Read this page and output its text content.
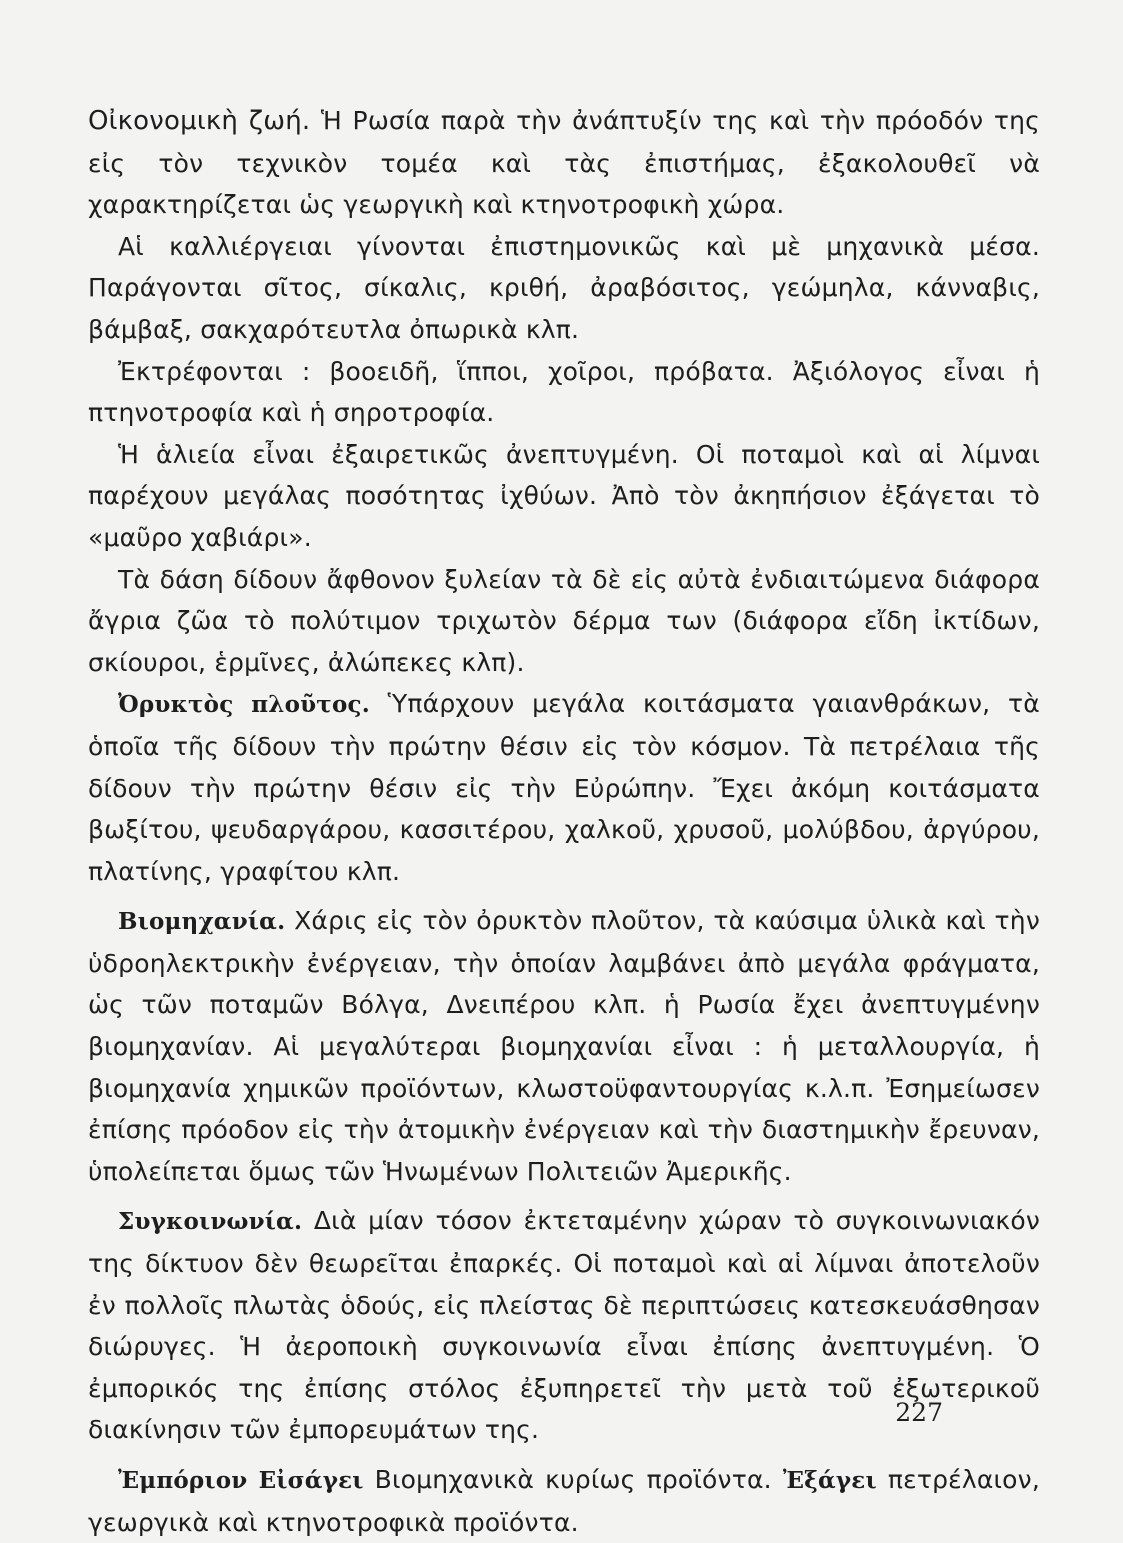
Οἰκονομικὴ ζωή. Ἡ Ρωσία παρὰ τὴν ἀνάπτυξίν της καὶ τὴν πρόοδόν της εἰς τὸν τεχνικὸν τομέα καὶ τὰς ἐπιστήμας, ἐξακολουθεῖ νὰ χαρακτηρίζεται ὡς γεωργικὴ καὶ κτηνοτροφικὴ χώρα.

Αἱ καλλιέργειαι γίνονται ἐπιστημονικῶς καὶ μὲ μηχανικὰ μέσα. Παράγονται σῖτος, σίκαλις, κριθή, ἀραβόσιτος, γεώμηλα, κάνναβις, βάμβαξ, σακχαρότευτλα ὀπωρικὰ κλπ.

Ἐκτρέφονται : βοοειδῆ, ἵπποι, χοῖροι, πρόβατα. Ἀξιόλογος εἶναι ἡ πτηνοτροφία καὶ ἡ σηροτροφία.

Ἡ ἁλιεία εἶναι ἐξαιρετικῶς ἀνεπτυγμένη. Οἱ ποταμοὶ καὶ αἱ λίμναι παρέχουν μεγάλας ποσότητας ἰχθύων. Ἀπὸ τὸν ἀκηπήσιον ἐξάγεται τὸ «μαῦρο χαβιάρι».

Τὰ δάση δίδουν ἄφθονον ξυλείαν τὰ δὲ εἰς αὐτὰ ἐνδιαιτώμενα διάφορα ἄγρια ζῶα τὸ πολύτιμον τριχωτὸν δέρμα των (διάφορα εἴδη ἰκτίδων, σκίουροι, ἑρμῖνες, ἀλώπεκες κλπ).

Ὀρυκτὸς πλοῦτος. Ὑπάρχουν μεγάλα κοιτάσματα γαιανθράκων, τὰ ὁποῖα τῆς δίδουν τὴν πρώτην θέσιν εἰς τὸν κόσμον. Τὰ πετρέλαια τῆς δίδουν τὴν πρώτην θέσιν εἰς τὴν Εὐρώπην. Ἔχει ἀκόμη κοιτάσματα βωξίτου, ψευδαργάρου, κασσιτέρου, χαλκοῦ, χρυσοῦ, μολύβδου, ἀργύρου, πλατίνης, γραφίτου κλπ.

Βιομηχανία. Χάρις εἰς τὸν ὀρυκτὸν πλοῦτον, τὰ καύσιμα ὑλικὰ καὶ τὴν ὑδροηλεκτρικὴν ἐνέργειαν, τὴν ὁποίαν λαμβάνει ἀπὸ μεγάλα φράγματα, ὡς τῶν ποταμῶν Βόλγα, Δνειπέρου κλπ. ἡ Ρωσία ἔχει ἀνεπτυγμένην βιομηχανίαν. Αἱ μεγαλύτεραι βιομηχανίαι εἶναι : ἡ μεταλλουργία, ἡ βιομηχανία χημικῶν προϊόντων, κλωστοϋφαντουργίας κ.λ.π. Ἐσημείωσεν ἐπίσης πρόοδον εἰς τὴν ἀτομικὴν ἐνέργειαν καὶ τὴν διαστημικὴν ἔρευναν, ὑπολείπεται ὅμως τῶν Ἡνωμένων Πολιτειῶν Ἀμερικῆς.

Συγκοινωνία. Διὰ μίαν τόσον ἐκτεταμένην χώραν τὸ συγκοινωνιακόν της δίκτυον δὲν θεωρεῖται ἐπαρκές. Οἱ ποταμοὶ καὶ αἱ λίμναι ἀποτελοῦν ἐν πολλοῖς πλωτὰς ὁδούς, εἰς πλείστας δὲ περιπτώσεις κατεσκευάσθησαν διώρυγες. Ἡ ἀεροποικὴ συγκοινωνία εἶναι ἐπίσης ἀνεπτυγμένη. Ὁ ἐμπορικός της ἐπίσης στόλος ἐξυπηρετεῖ τὴν μετὰ τοῦ ἐξωτερικοῦ διακίνησιν τῶν ἐμπορευμάτων της.

Ἐμπόριον Εἰσάγει Βιομηχανικὰ κυρίως προϊόντα. Ἐξάγει πετρέλαιον, γεωργικὰ καὶ κτηνοτροφικὰ προϊόντα.

227
